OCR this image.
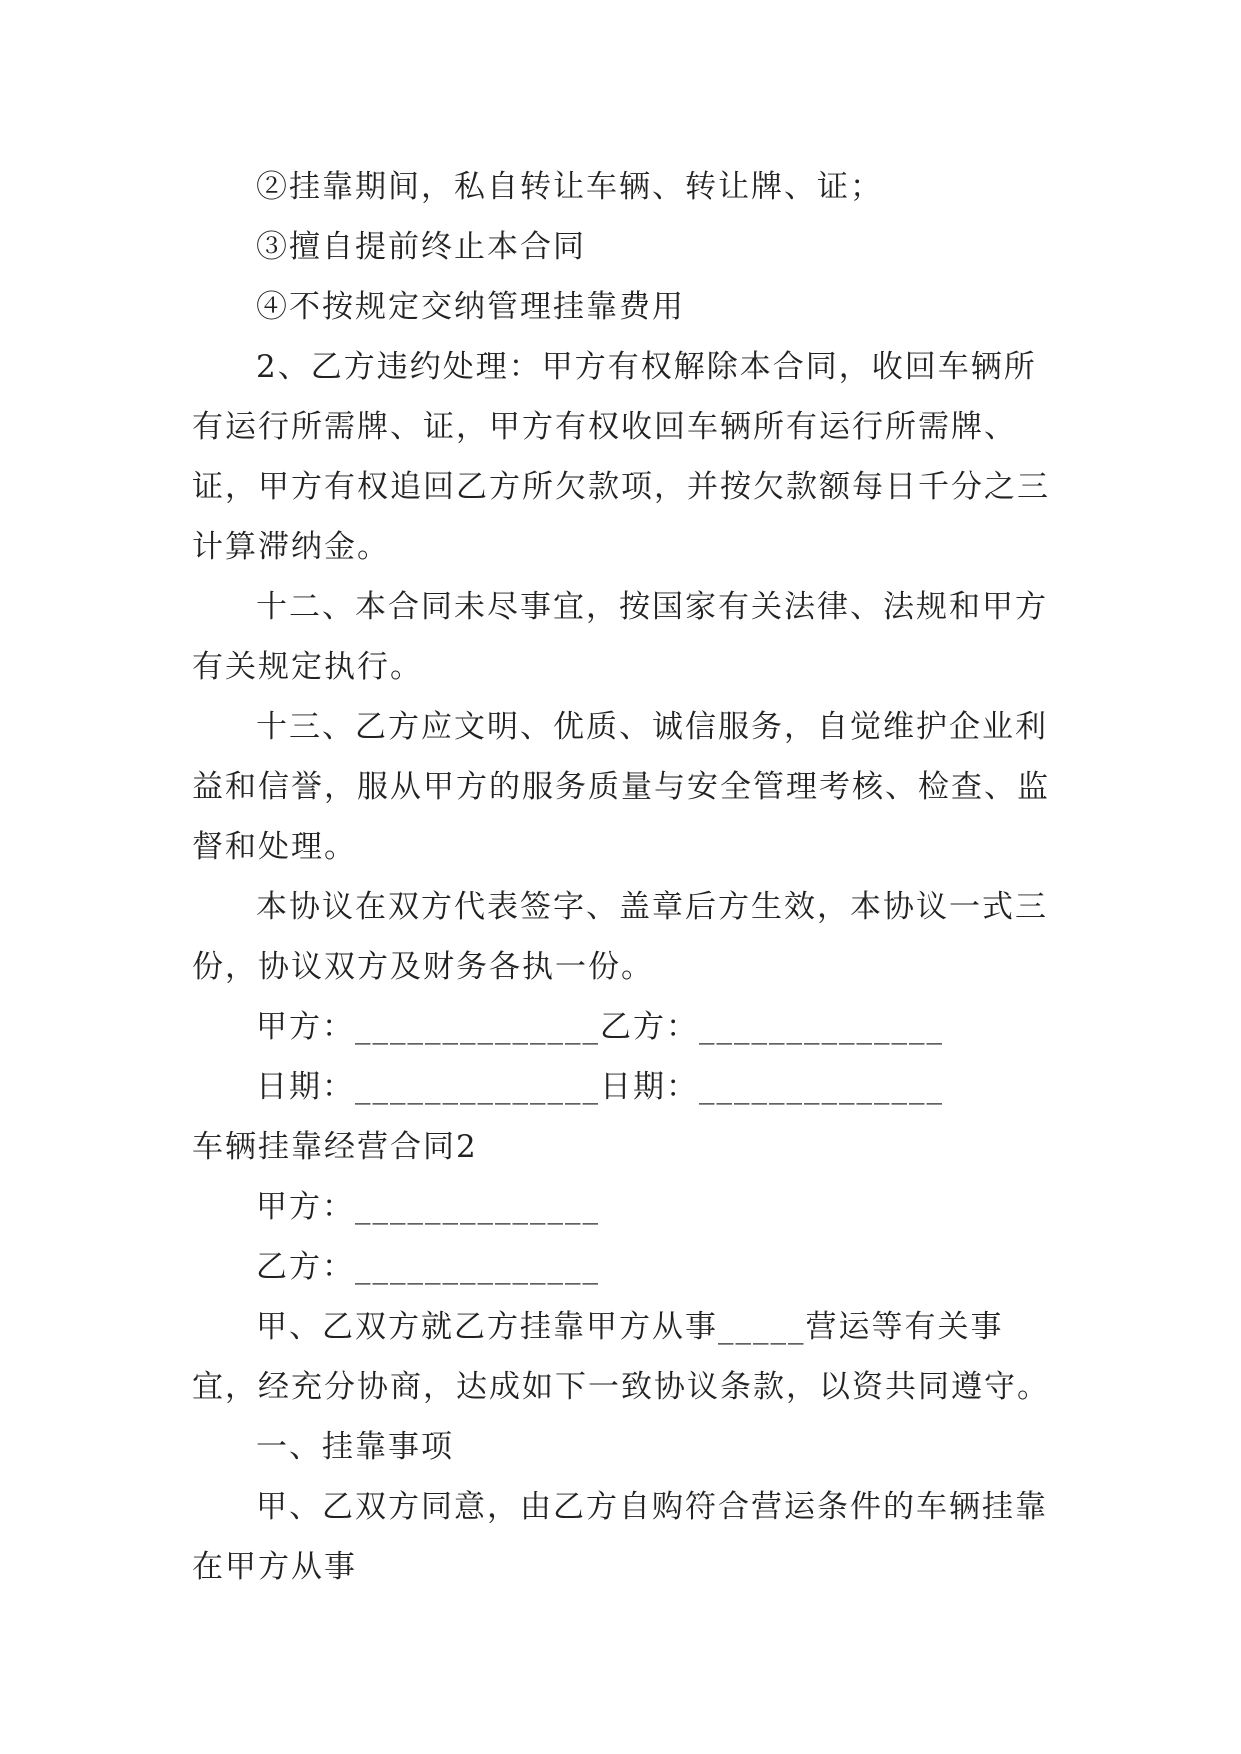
②挂靠期间，私自转让车辆、转让牌、证；

③擅自提前终止本合同

④不按规定交纳管理挂靠费用

2、乙方违约处理：甲方有权解除本合同，收回车辆所有运行所需牌、证，甲方有权收回车辆所有运行所需牌、证，甲方有权追回乙方所欠款项，并按欠款额每日千分之三计算滞纳金。

十二、本合同未尽事宜，按国家有关法律、法规和甲方有关规定执行。

十三、乙方应文明、优质、诚信服务，自觉维护企业利益和信誉，服从甲方的服务质量与安全管理考核、检查、监督和处理。

本协议在双方代表签字、盖章后方生效，本协议一式三份，协议双方及财务各执一份。

甲方：______________乙方：______________

日期：______________日期：______________

车辆挂靠经营合同2

甲方：______________

乙方：______________

甲、乙双方就乙方挂靠甲方从事_____营运等有关事宜，经充分协商，达成如下一致协议条款，以资共同遵守。

一、挂靠事项

甲、乙双方同意，由乙方自购符合营运条件的车辆挂靠在甲方从事
